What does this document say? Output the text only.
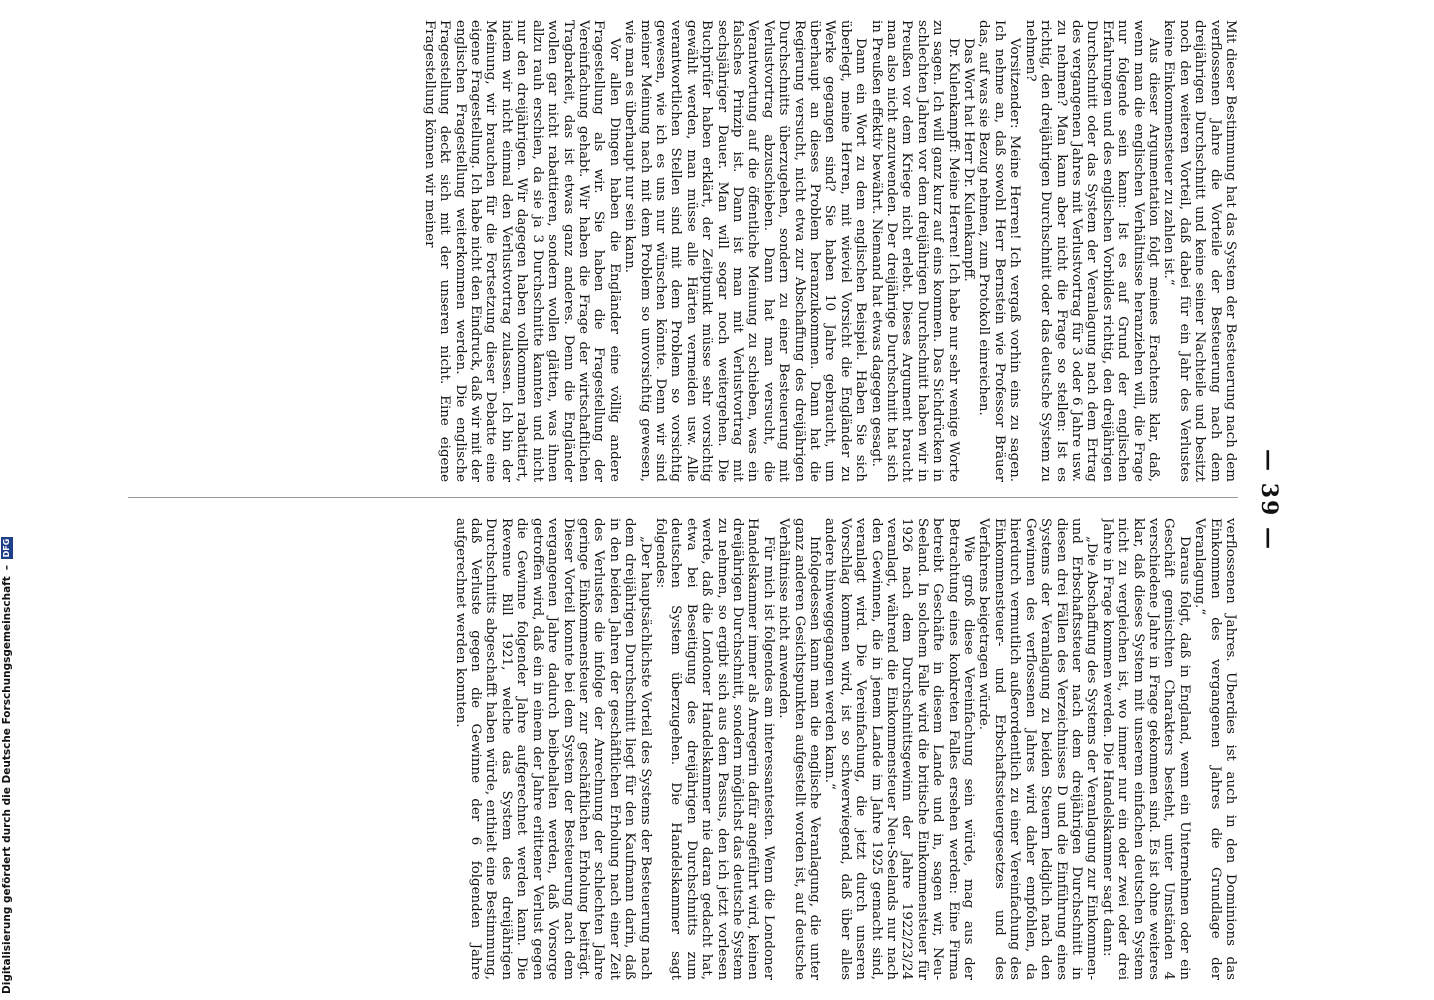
— 39 —

Mit dieser Bestimmung hat das System der Besteuerung nach dem verflossenen Jahre die Vorteile der Besteuerung nach dem dreijährigen Durchschnitt und keine seiner Nachteile und besitzt noch den weiteren Vorteil, daß dabei für ein Jahr des Verlustes keine Einkommensteuer zu zahlen ist.“

Aus dieser Argumentation folgt meines Erachtens klar, daß, wenn man die englischen Verhältnisse heranziehen will, die Frage nur folgende sein kann: Ist es auf Grund der englischen Erfahrungen und des englischen Vorbildes richtig, den dreijährigen Durchschnitt oder das System der Veranlagung nach dem Ertrag des vergangenen Jahres mit Verlustvortrag für 3 oder 6 Jahre usw. zu nehmen? Man kann aber nicht die Frage so stellen: Ist es richtig, den dreijährigen Durchschnitt oder das deutsche System zu nehmen?

Vorsitzender: Meine Herren! Ich vergaß vorhin eins zu sagen. Ich nehme an, daß sowohl Herr Bernstein wie Professor Bräuer das, auf was sie Bezug nehmen, zum Protokoll einreichen.

Das Wort hat Herr Dr. Kulenkampff.

Dr. Kulenkampff: Meine Herren! Ich habe nur sehr wenige Worte zu sagen. Ich will ganz kurz auf eins kommen. Das Sichdrücken in schlechten Jahren vor dem dreijährigen Durchschnitt haben wir in Preußen vor dem Kriege nicht erlebt. Dieses Argument braucht man also nicht anzuwenden. Der dreijährige Durchschnitt hat sich in Preußen effektiv bewährt. Niemand hat etwas dagegen gesagt.

Dann ein Wort zu dem englischen Beispiel. Haben Sie sich überlegt, meine Herren, mit wieviel Vorsicht die Engländer zu Werke gegangen sind? Sie haben 10 Jahre gebraucht, um überhaupt an dieses Problem heranzukommen. Dann hat die Regierung versucht, nicht etwa zur Abschaffung des dreijährigen Durchschnitts überzugehen, sondern zu einer Besteuerung mit Verlustvortrag abzuschieben. Dann hat man versucht, die Verantwortung auf die öffentliche Meinung zu schieben, was ein falsches Prinzip ist. Dann ist man mit Verlustvortrag mit sechsjähriger Dauer. Man will sogar noch weitergehen. Die Buchprüfer haben erklärt, der Zeitpunkt müsse sehr vorsichtig gewählt werden, man müsse alle Härten vermeiden usw. Alle verantwortlichen Stellen sind mit dem Problem so vorsichtig gewesen, wie ich es uns nur wünschen könnte. Denn wir sind meiner Meinung nach mit dem Problem so unvorsichtig gewesen, wie man es überhaupt nur sein kann.

Vor allen Dingen haben die Engländer eine völlig andere Fragestellung als wir. Sie haben die Fragestellung der Vereinfachung gehabt. Wir haben die Frage der wirtschaftlichen Tragbarkeit, das ist etwas ganz anderes. Denn die Engländer wollen gar nicht rabattieren, sondern wollen glätten, was ihnen allzu rauh erschien, da sie ja 3 Durchschnitte kannten und nicht nur den dreijährigen. Wir dagegen haben vollkommen rabattiert, indem wir nicht einmal den Verlustvortrag zulassen. Ich bin der Meinung, wir brauchen für die Fortsetzung dieser Debatte eine eigene Fragestellung. Ich habe nicht den Eindruck, daß wir mit der englischen Fragestellung weiterkommen werden. Die englische Fragestellung deckt sich mit der unseren nicht. Eine eigene Fragestellung können wir meiner

verflossenen Jahres. Überdies ist auch in den Dominions das Einkommen des vergangenen Jahres die Grundlage der Veranlagung.“

Daraus folgt, daß in England, wenn ein Unternehmen oder ein Geschäft gemischten Charakters besteht, unter Umständen 4 verschiedene Jahre in Frage gekommen sind. Es ist ohne weiteres klar, daß dieses System mit unserem einfachen deutschen System nicht zu vergleichen ist, wo immer nur ein oder zwei oder drei Jahre in Frage kommen werden. Die Handelskammer sagt dann:

„Die Abschaffung des Systems der Veranlagung zur Einkommen- und Erbschaftssteuer nach dem dreijährigen Durchschnitt in diesen drei Fällen des Verzeichnisses D und die Einführung eines Systems der Veranlagung zu beiden Steuern lediglich nach den Gewinnen des verflossenen Jahres wird daher empfohlen, da hierdurch vermutlich außerordentlich zu einer Vereinfachung des Einkommensteuer- und Erbschaftssteuergesetzes und des Verfahrens beigetragen würde.

Wie groß diese Vereinfachung sein würde, mag aus der Betrachtung eines konkreten Falles ersehen werden: Eine Firma betreibt Geschäfte in diesem Lande und in, sagen wir, Neu-Seeland. In solchem Falle wird die britische Einkommensteuer für 1926 nach dem Durchschnittsgewinn der Jahre 1922/23/24 veranlagt, während die Einkommensteuer Neu-Seelands nur nach den Gewinnen, die in jenem Lande im Jahre 1925 gemacht sind, veranlagt wird. Die Vereinfachung, die jetzt durch unseren Vorschlag kommen wird, ist so schwerwiegend, daß über alles andere hinweggegangen werden kann.“

Infolgedessen kann man die englische Veranlagung, die unter ganz anderen Gesichtspunkten aufgestellt worden ist, auf deutsche Verhältnisse nicht anwenden.

Für mich ist folgendes am interessantesten. Wenn die Londoner Handelskammer immer als Anregerin dafür angeführt wird, keinen dreijährigen Durchschnitt, sondern möglichst das deutsche System zu nehmen, so ergibt sich aus dem Passus, den ich jetzt vorlesen werde, daß die Londoner Handelskammer nie daran gedacht hat, etwa bei Beseitigung des dreijährigen Durchschnitts zum deutschen System überzugehen. Die Handelskammer sagt folgendes:

„Der hauptsächlichste Vorteil des Systems der Besteuerung nach dem dreijährigen Durchschnitt liegt für den Kaufmann darin, daß in den beiden Jahren der geschäftlichen Erholung nach einer Zeit des Verlustes die infolge der Anrechnung der schlechten Jahre geringe Einkommensteuer zur geschäftlichen Erholung beiträgt. Dieser Vorteil konnte bei dem System der Besteuerung nach dem vergangenen Jahre dadurch beibehalten werden, daß Vorsorge getroffen wird, daß ein in einem der Jahre erlittener Verlust gegen die Gewinne folgender Jahre aufgerechnet werden kann. Die Revenue Bill 1921, welche das System des dreijährigen Durchschnitts abgeschafft haben würde, enthielt eine Bestimmung, daß Verluste gegen die Gewinne der 6 folgenden Jahre aufgerechnet werden konnten.

Digitalisierung gefördert durch die Deutsche Forschungsgemeinschaft
–
DFG
